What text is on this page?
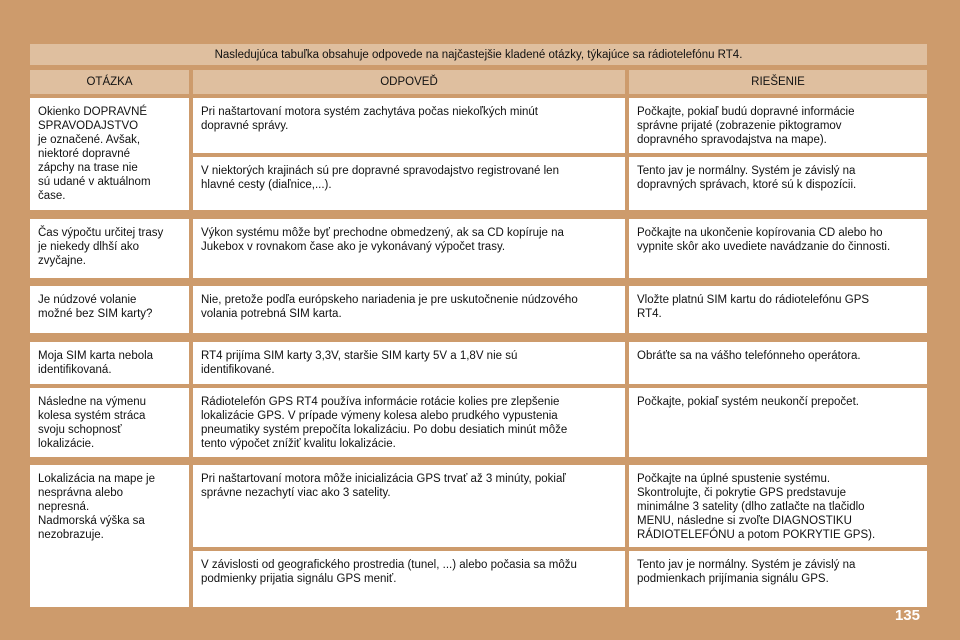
Nasledujúca tabuľka obsahuje odpovede na najčastejšie kladené otázky, týkajúce sa rádiotelefónu RT4.
OTÁZKA	ODPOVEĎ	RIEŠENIE
Okienko DOPRAVNÉ
SPRAVODAJSTVO
je označené. Avšak,
niektoré dopravné
zápchy na trase nie
sú udané v aktuálnom
čase.
Pri naštartovaní motora systém zachytáva počas niekoľkých minút
dopravné správy.
Počkajte, pokiaľ budú dopravné informácie
správne prijaté (zobrazenie piktogramov
dopravného spravodajstva na mape).
V niektorých krajinách sú pre dopravné spravodajstvo registrované len
hlavné cesty (diaľnice,...).
Tento jav je normálny. Systém je závislý na
dopravných správach, ktoré sú k dispozícii.
Čas výpočtu určitej trasy
je niekedy dlhší ako
zvyčajne.
Výkon systému môže byť prechodne obmedzený, ak sa CD kopíruje na
Jukebox v rovnakom čase ako je vykonávaný výpočet trasy.
Počkajte na ukončenie kopírovania CD alebo ho
vypnite skôr ako uvediete navádzanie do činnosti.
Je núdzové volanie
možné bez SIM karty?
Nie, pretože podľa európskeho nariadenia je pre uskutočnenie núdzového
volania potrebná SIM karta.
Vložte platnú SIM kartu do rádiotelefónu GPS
RT4.
Moja SIM karta nebola
identifikovaná.
RT4 prijíma SIM karty 3,3V, staršie SIM karty 5V a 1,8V nie sú
identifikované.
Obráťte sa na vášho telefónneho operátora.
Následne na výmenu
kolesa systém stráca
svoju schopnosť
lokalizácie.
Rádiotelefón GPS RT4 používa informácie rotácie kolies pre zlepšenie
lokalizácie GPS. V prípade výmeny kolesa alebo prudkého vypustenia
pneumatiky systém prepočíta lokalizáciu. Po dobu desiatich minút môže
tento výpočet znížiť kvalitu lokalizácie.
Počkajte, pokiaľ systém neukončí prepočet.
Lokalizácia na mape je
nesprávna alebo
nepresná.
Nadmorská výška sa
nezobrazuje.
Pri naštartovaní motora môže inicializácia GPS trvať až 3 minúty, pokiaľ
správne nezachytí viac ako 3 satelity.
Počkajte na úplné spustenie systému.
Skontrolujte, či pokrytie GPS predstavuje
minimálne 3 satelity (dlho zatlačte na tlačidlo
MENU, následne si zvoľte DIAGNOSTIKU
RÁDIOTELEFÓNU a potom POKRYTIE GPS).
V závislosti od geografického prostredia (tunel, ...) alebo počasia sa môžu
podmienky prijatia signálu GPS meniť.
Tento jav je normálny. Systém je závislý na
podmienkach prijímania signálu GPS.
135
